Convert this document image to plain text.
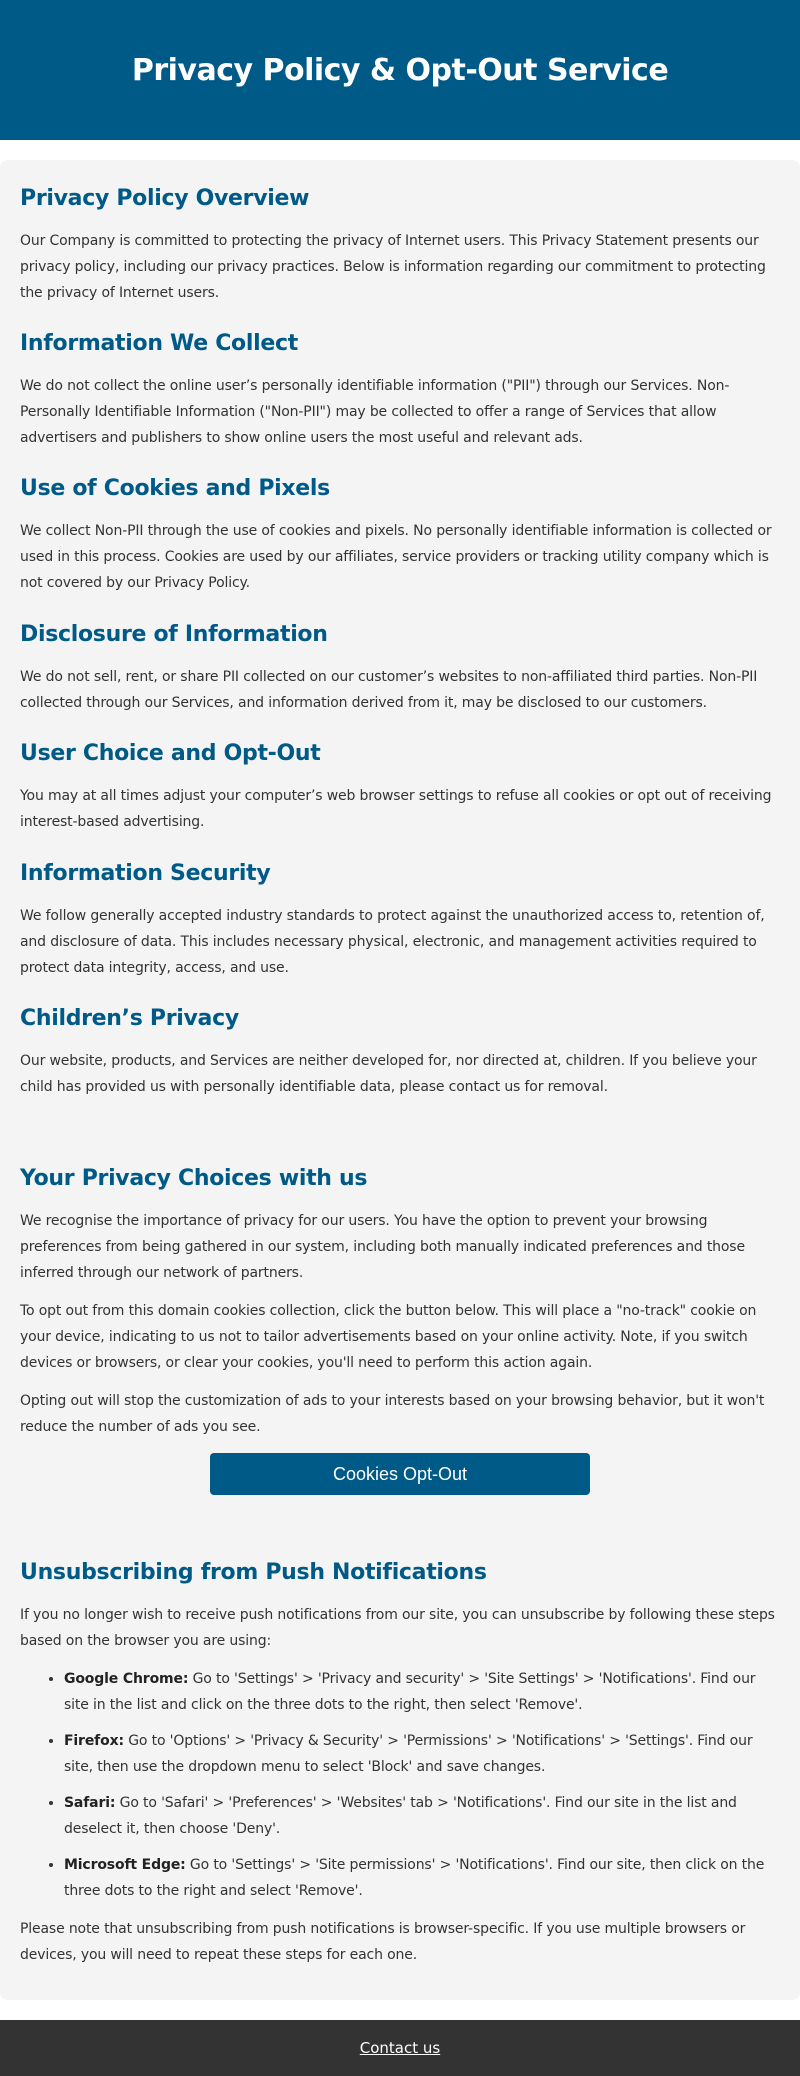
Privacy Policy & Opt-Out Service
Privacy Policy Overview

Our Company is committed to protecting the privacy of Internet users. This Privacy Statement presents our privacy policy, including our privacy practices. Below is information regarding our commitment to protecting the privacy of Internet users.

Information We Collect

We do not collect the online user’s personally identifiable information ("PII") through our Services. Non-Personally Identifiable Information ("Non-PII") may be collected to offer a range of Services that allow advertisers and publishers to show online users the most useful and relevant ads.

Use of Cookies and Pixels

We collect Non-PII through the use of cookies and pixels. No personally identifiable information is collected or used in this process. Cookies are used by our affiliates, service providers or tracking utility company which is not covered by our Privacy Policy.

Disclosure of Information

We do not sell, rent, or share PII collected on our customer’s websites to non-affiliated third parties. Non-PII collected through our Services, and information derived from it, may be disclosed to our customers.

User Choice and Opt-Out

You may at all times adjust your computer’s web browser settings to refuse all cookies or opt out of receiving interest-based advertising.

Information Security

We follow generally accepted industry standards to protect against the unauthorized access to, retention of, and disclosure of data. This includes necessary physical, electronic, and management activities required to protect data integrity, access, and use.

Children’s Privacy

Our website, products, and Services are neither developed for, nor directed at, children. If you believe your child has provided us with personally identifiable data, please contact us for removal.

Your Privacy Choices with us

We recognise the importance of privacy for our users. You have the option to prevent your browsing preferences from being gathered in our system, including both manually indicated preferences and those inferred through our network of partners.

To opt out from this domain cookies collection, click the button below. This will place a "no-track" cookie on your device, indicating to us not to tailor advertisements based on your online activity. Note, if you switch devices or browsers, or clear your cookies, you'll need to perform this action again.

Opting out will stop the customization of ads to your interests based on your browsing behavior, but it won't reduce the number of ads you see.

Cookies Opt-Out
Unsubscribing from Push Notifications

If you no longer wish to receive push notifications from our site, you can unsubscribe by following these steps based on the browser you are using:

• Google Chrome: Go to 'Settings' > 'Privacy and security' > 'Site Settings' > 'Notifications'. Find our site in the list and click on the three dots to the right, then select 'Remove'.
• Firefox: Go to 'Options' > 'Privacy & Security' > 'Permissions' > 'Notifications' > 'Settings'. Find our site, then use the dropdown menu to select 'Block' and save changes.
• Safari: Go to 'Safari' > 'Preferences' > 'Websites' tab > 'Notifications'. Find our site in the list and deselect it, then choose 'Deny'.
• Microsoft Edge: Go to 'Settings' > 'Site permissions' > 'Notifications'. Find our site, then click on the three dots to the right and select 'Remove'.

Please note that unsubscribing from push notifications is browser-specific. If you use multiple browsers or devices, you will need to repeat these steps for each one.

Contact us
